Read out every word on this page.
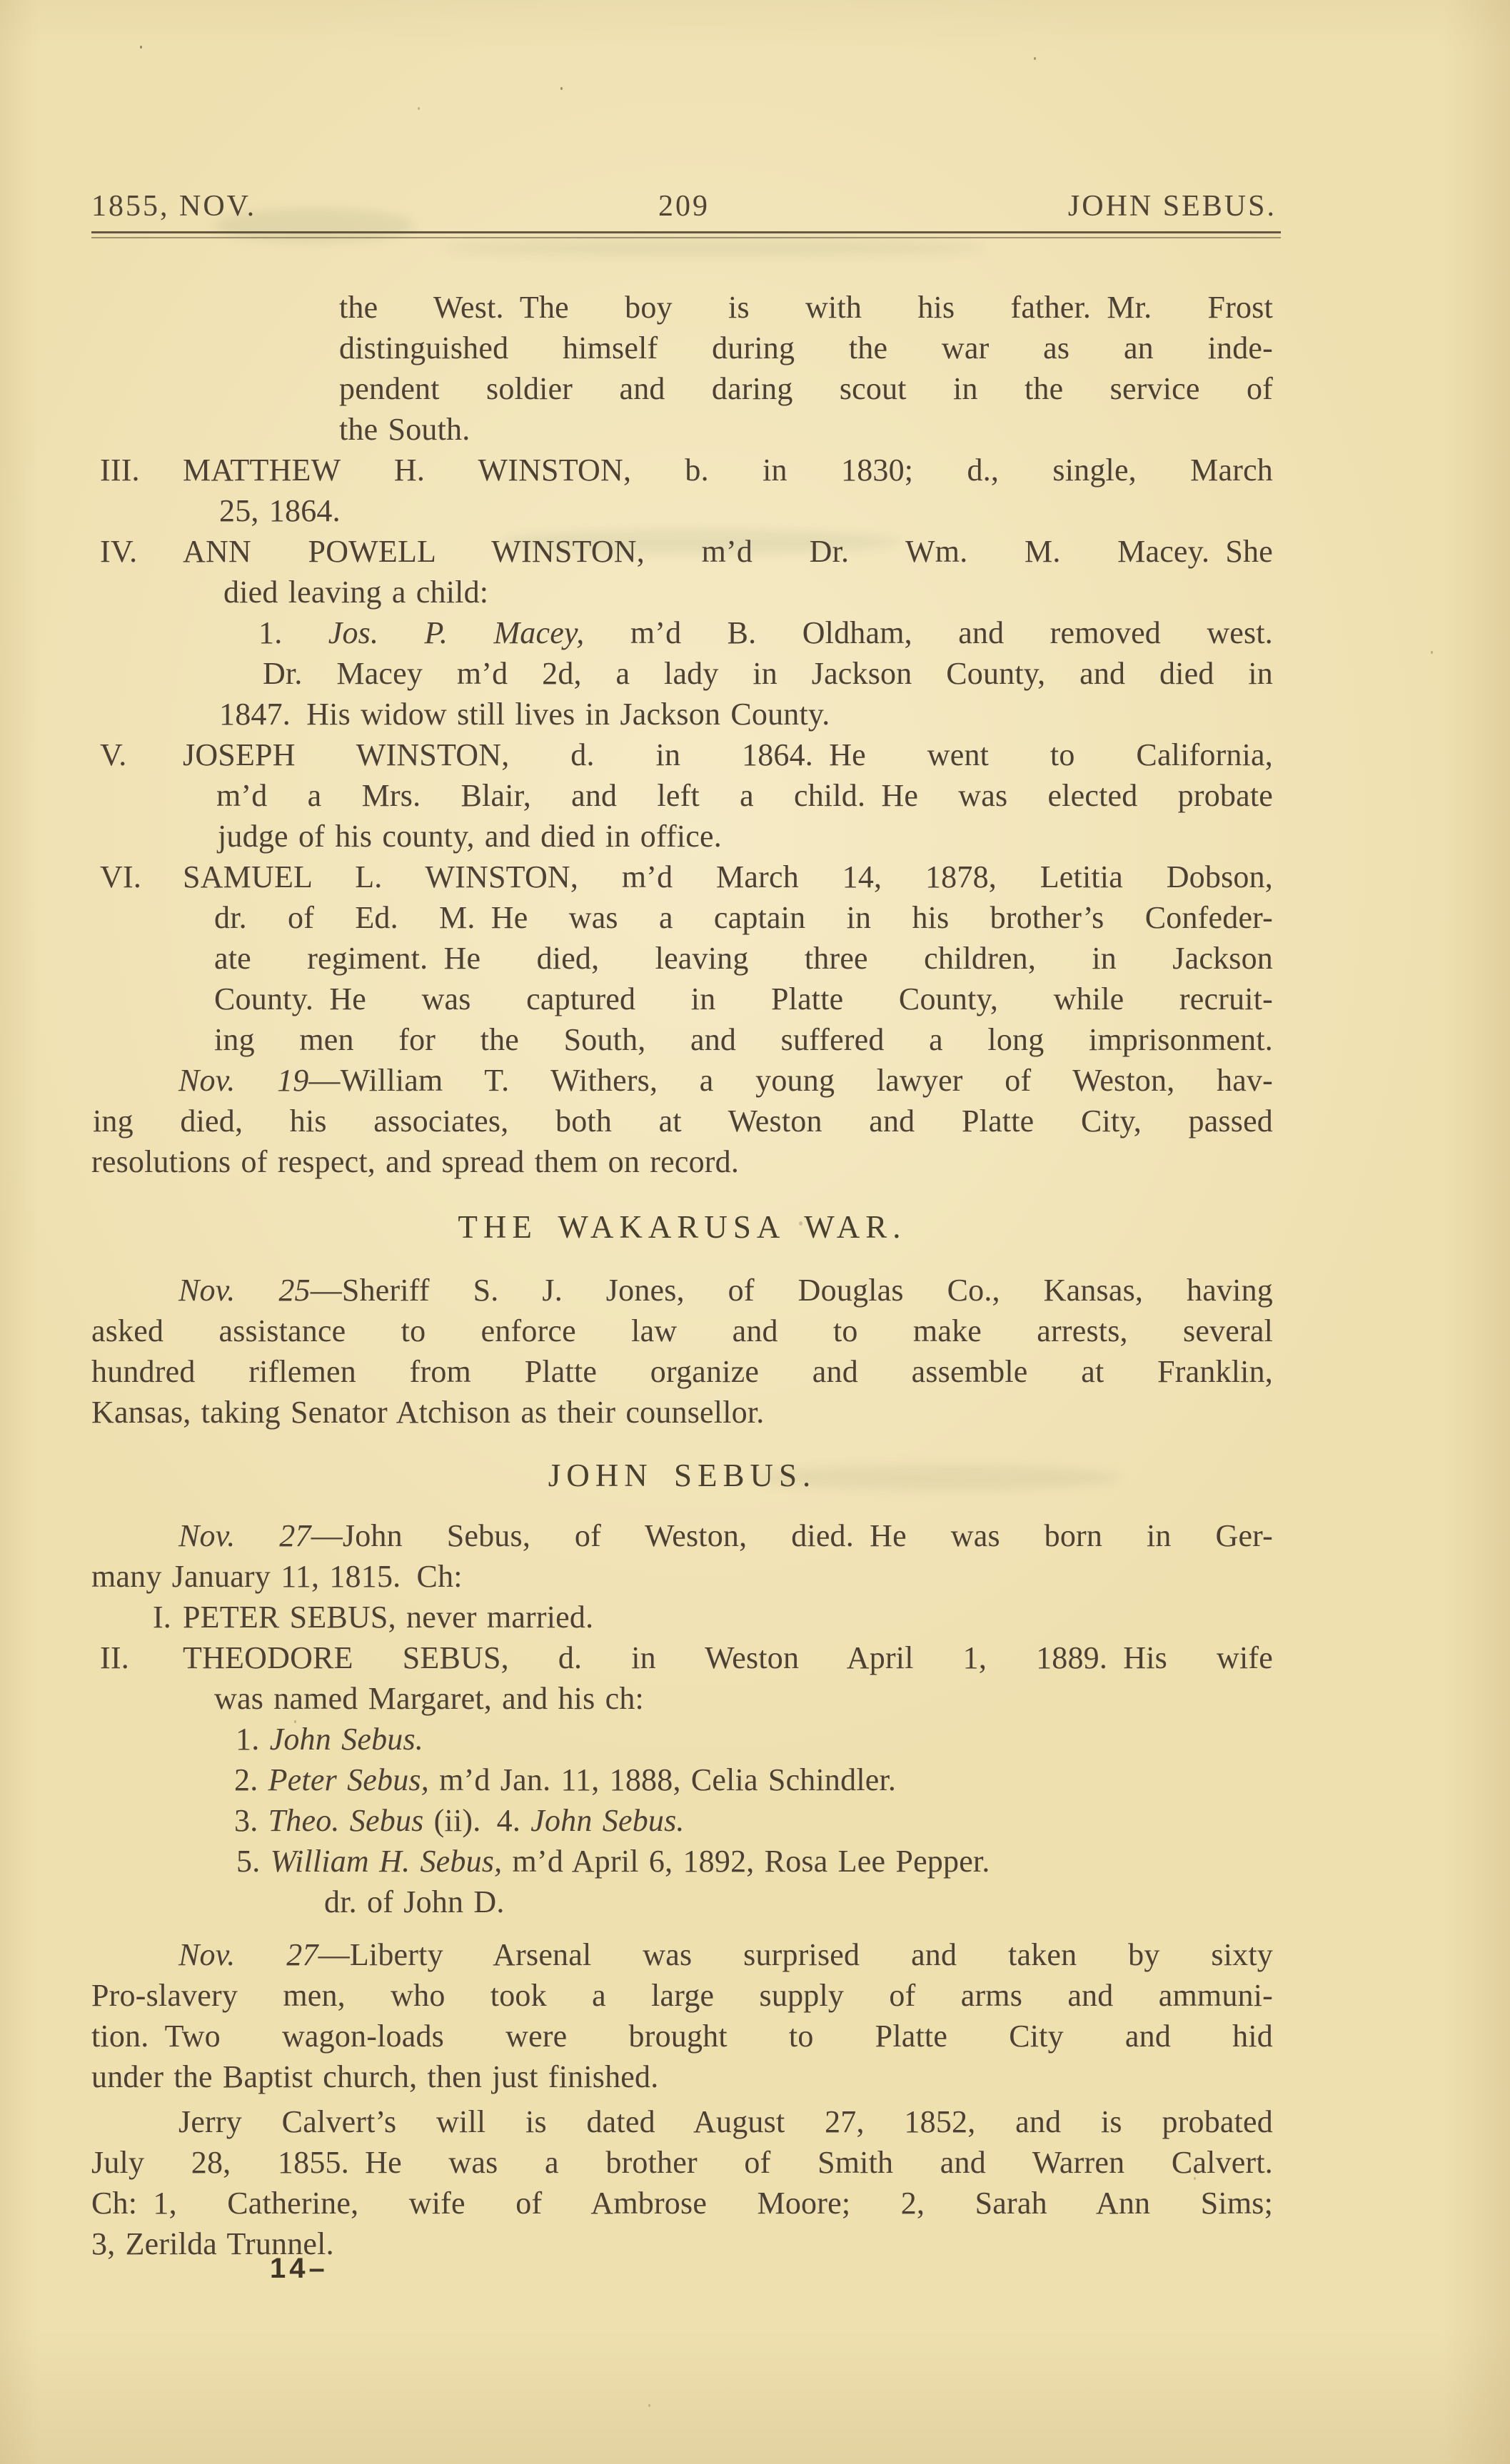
1855, NOV.	209	JOHN SEBUS.
the West. The boy is with his father. Mr. Frost
distinguished himself during the war as an inde-
pendent soldier and daring scout in the service of
the South.
III. MATTHEW H. WINSTON, b. in 1830; d., single, March
25, 1864.
IV. ANN POWELL WINSTON, m’d Dr. Wm. M. Macey. She
died leaving a child:
1. Jos. P. Macey, m’d B. Oldham, and removed west.
Dr. Macey m’d 2d, a lady in Jackson County, and died in
1847. His widow still lives in Jackson County.
V. JOSEPH WINSTON, d. in 1864. He went to California,
m’d a Mrs. Blair, and left a child. He was elected probate
judge of his county, and died in office.
VI. SAMUEL L. WINSTON, m’d March 14, 1878, Letitia Dobson,
dr. of Ed. M. He was a captain in his brother’s Confeder-
ate regiment. He died, leaving three children, in Jackson
County. He was captured in Platte County, while recruit-
ing men for the South, and suffered a long imprisonment.
Nov. 19—William T. Withers, a young lawyer of Weston, hav-
ing died, his associates, both at Weston and Platte City, passed
resolutions of respect, and spread them on record.
THE WAKARUSA WAR.
Nov. 25—Sheriff S. J. Jones, of Douglas Co., Kansas, having
asked assistance to enforce law and to make arrests, several
hundred riflemen from Platte organize and assemble at Franklin,
Kansas, taking Senator Atchison as their counsellor.
JOHN SEBUS.
Nov. 27—John Sebus, of Weston, died. He was born in Ger-
many January 11, 1815. Ch:
I. PETER SEBUS, never married.
II. THEODORE SEBUS, d. in Weston April 1, 1889. His wife
was named Margaret, and his ch:
1. John Sebus.
2. Peter Sebus, m’d Jan. 11, 1888, Celia Schindler.
3. Theo. Sebus (ii). 4. John Sebus.
5. William H. Sebus, m’d April 6, 1892, Rosa Lee Pepper.
dr. of John D.
Nov. 27—Liberty Arsenal was surprised and taken by sixty
Pro-slavery men, who took a large supply of arms and ammuni-
tion. Two wagon-loads were brought to Platte City and hid
under the Baptist church, then just finished.
Jerry Calvert’s will is dated August 27, 1852, and is probated
July 28, 1855. He was a brother of Smith and Warren Calvert.
Ch: 1, Catherine, wife of Ambrose Moore; 2, Sarah Ann Sims;
3, Zerilda Trunnel.
14–
